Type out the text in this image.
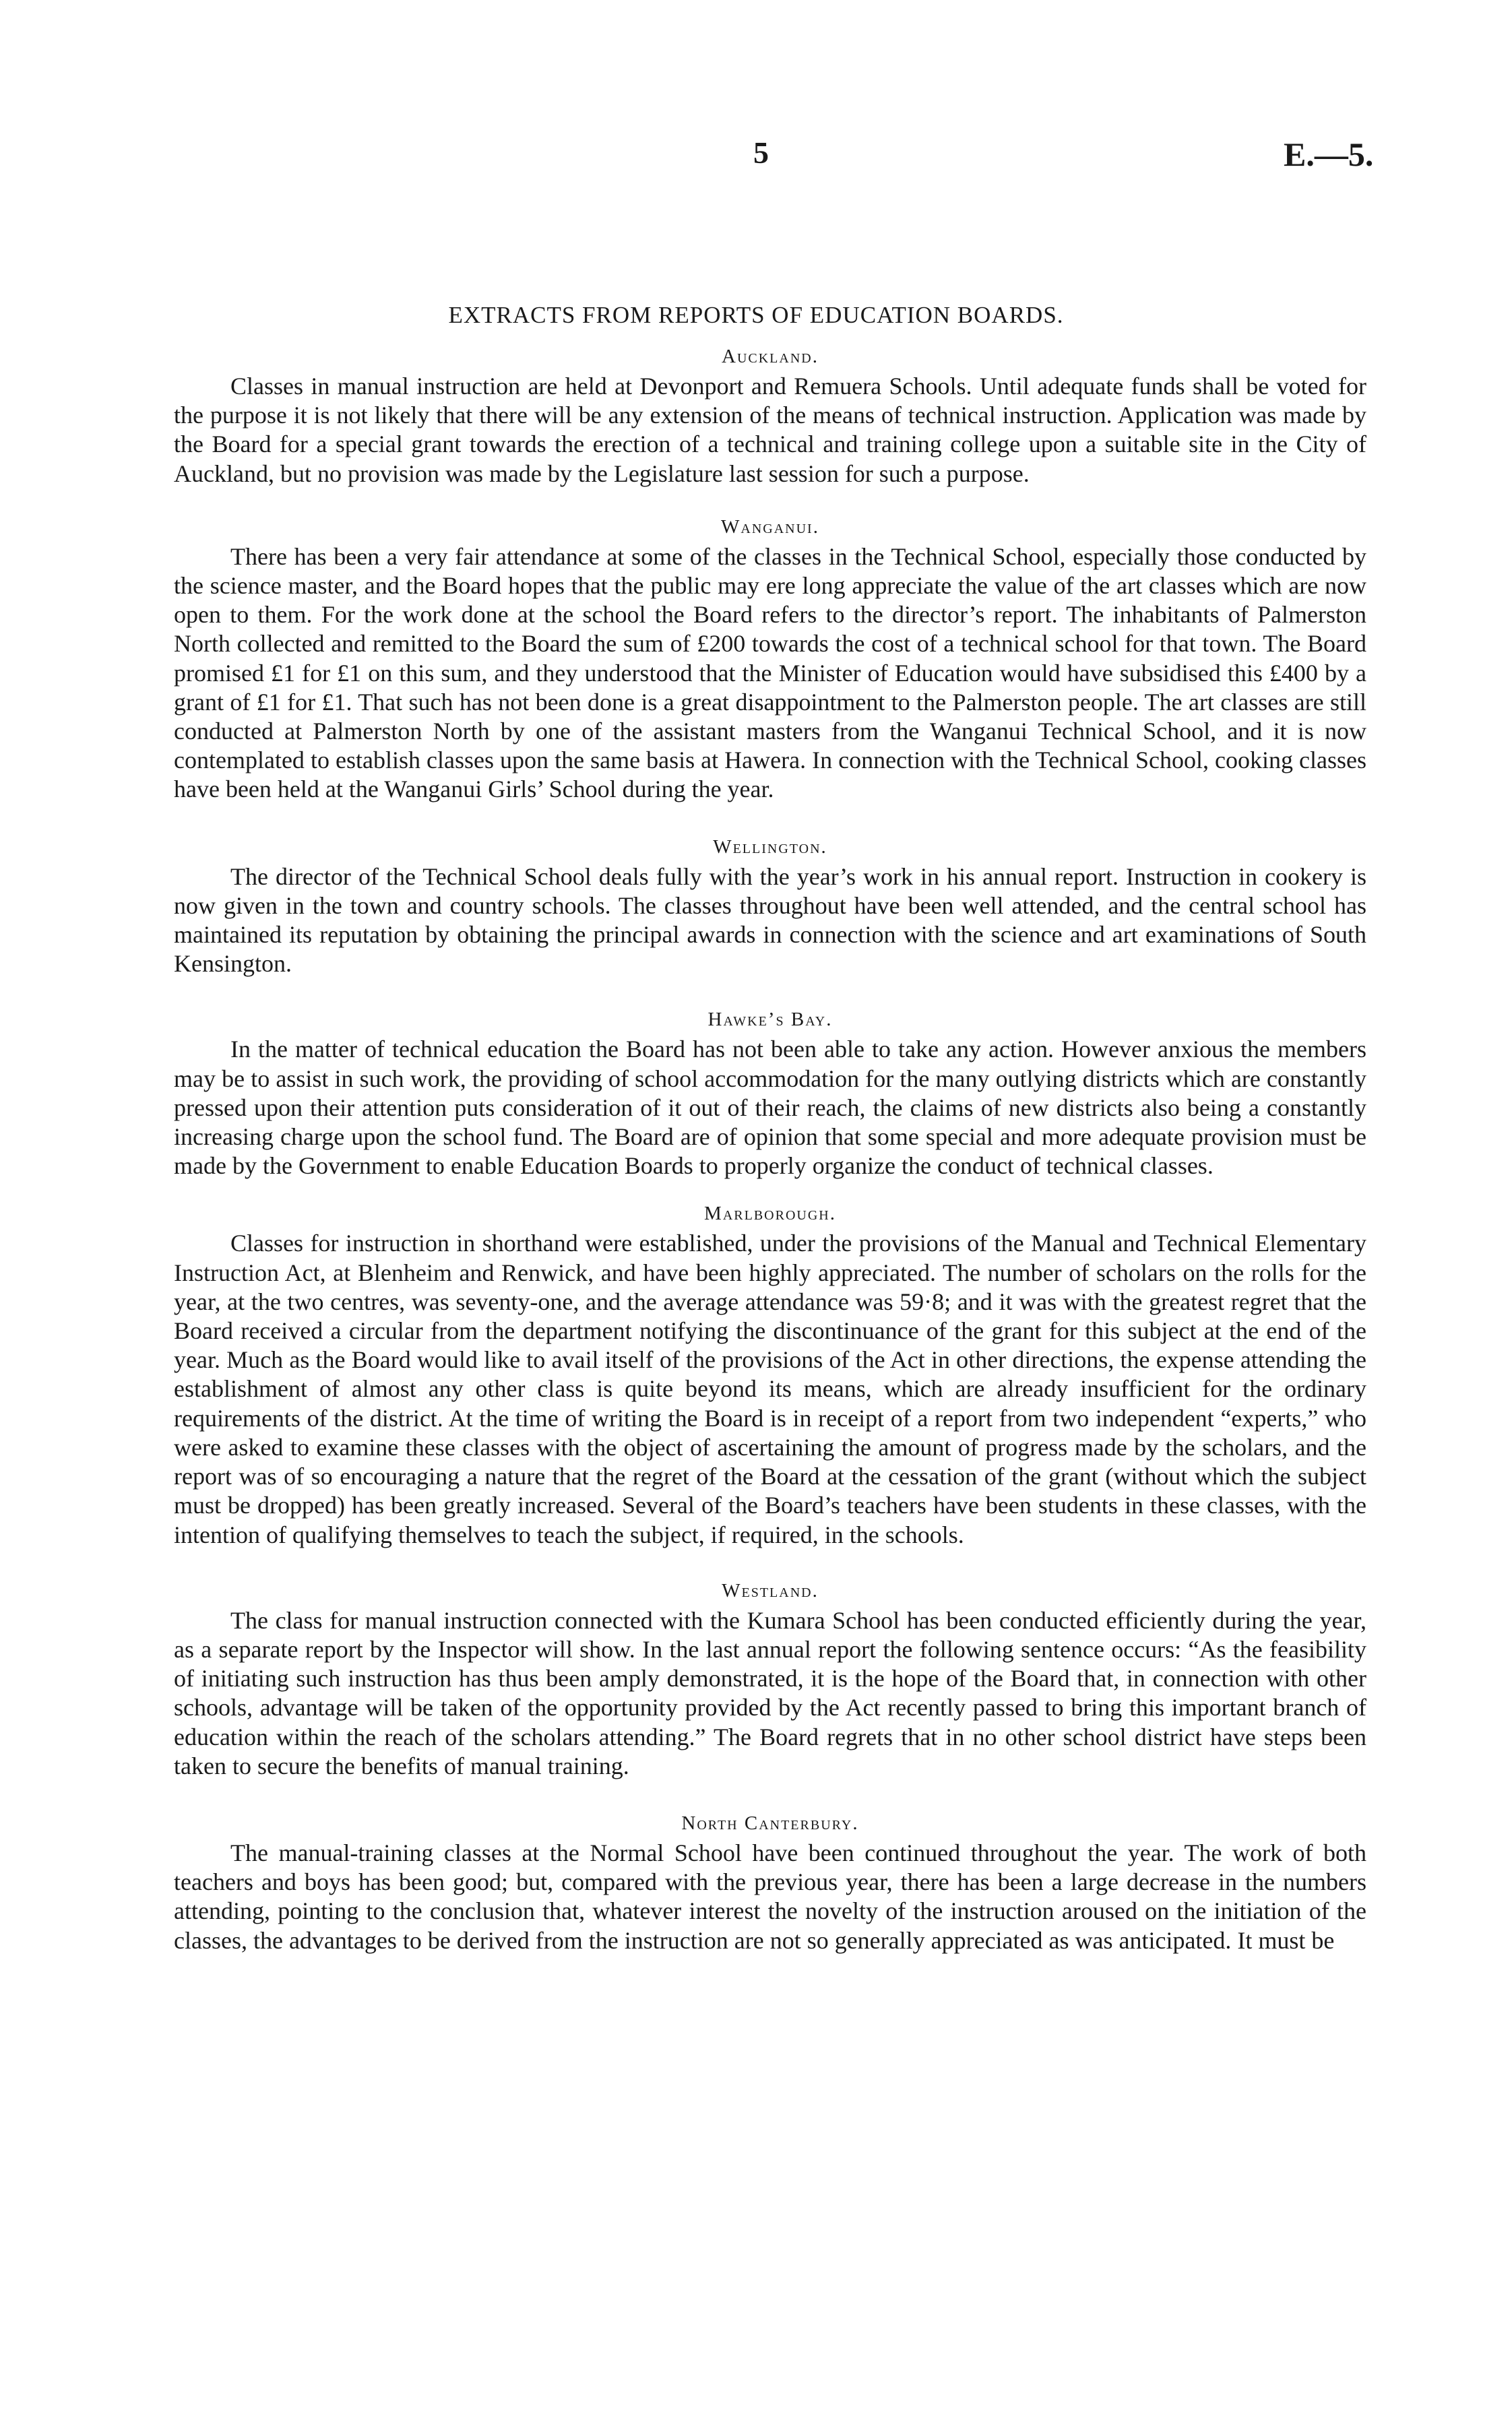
5	E.—5.
EXTRACTS FROM REPORTS OF EDUCATION BOARDS.
Auckland.

Classes in manual instruction are held at Devonport and Remuera Schools. Until adequate funds shall be voted for the purpose it is not likely that there will be any extension of the means of technical instruction. Application was made by the Board for a special grant towards the erection of a technical and training college upon a suitable site in the City of Auckland, but no provision was made by the Legislature last session for such a purpose.

Wanganui.

There has been a very fair attendance at some of the classes in the Technical School, especially those conducted by the science master, and the Board hopes that the public may ere long appreciate the value of the art classes which are now open to them. For the work done at the school the Board refers to the director’s report. The inhabitants of Palmerston North collected and remitted to the Board the sum of £200 towards the cost of a technical school for that town. The Board promised £1 for £1 on this sum, and they understood that the Minister of Education would have subsidised this £400 by a grant of £1 for £1. That such has not been done is a great disappointment to the Palmerston people. The art classes are still conducted at Palmerston North by one of the assistant masters from the Wanganui Technical School, and it is now contemplated to establish classes upon the same basis at Hawera. In connection with the Technical School, cooking classes have been held at the Wanganui Girls’ School during the year.

Wellington.

The director of the Technical School deals fully with the year’s work in his annual report. Instruction in cookery is now given in the town and country schools. The classes throughout have been well attended, and the central school has maintained its reputation by obtaining the principal awards in connection with the science and art examinations of South Kensington.

Hawke’s Bay.

In the matter of technical education the Board has not been able to take any action. However anxious the members may be to assist in such work, the providing of school accommodation for the many outlying districts which are constantly pressed upon their attention puts consideration of it out of their reach, the claims of new districts also being a constantly increasing charge upon the school fund. The Board are of opinion that some special and more adequate provision must be made by the Government to enable Education Boards to properly organize the conduct of technical classes.

Marlborough.

Classes for instruction in shorthand were established, under the provisions of the Manual and Technical Elementary Instruction Act, at Blenheim and Renwick, and have been highly appreciated. The number of scholars on the rolls for the year, at the two centres, was seventy-one, and the average attendance was 59·8; and it was with the greatest regret that the Board received a circular from the department notifying the discontinuance of the grant for this subject at the end of the year. Much as the Board would like to avail itself of the provisions of the Act in other directions, the expense attending the establishment of almost any other class is quite beyond its means, which are already insufficient for the ordinary requirements of the district. At the time of writing the Board is in receipt of a report from two independent “experts,” who were asked to examine these classes with the object of ascertaining the amount of progress made by the scholars, and the report was of so encouraging a nature that the regret of the Board at the cessation of the grant (without which the subject must be dropped) has been greatly increased. Several of the Board’s teachers have been students in these classes, with the intention of qualifying themselves to teach the subject, if required, in the schools.

Westland.

The class for manual instruction connected with the Kumara School has been conducted efficiently during the year, as a separate report by the Inspector will show. In the last annual report the following sentence occurs: “As the feasibility of initiating such instruction has thus been amply demonstrated, it is the hope of the Board that, in connection with other schools, advantage will be taken of the opportunity provided by the Act recently passed to bring this important branch of education within the reach of the scholars attending.” The Board regrets that in no other school district have steps been taken to secure the benefits of manual training.

North Canterbury.

The manual-training classes at the Normal School have been continued throughout the year. The work of both teachers and boys has been good; but, compared with the previous year, there has been a large decrease in the numbers attending, pointing to the conclusion that, whatever interest the novelty of the instruction aroused on the initiation of the classes, the advantages to be derived from the instruction are not so generally appreciated as was anticipated. It must be
